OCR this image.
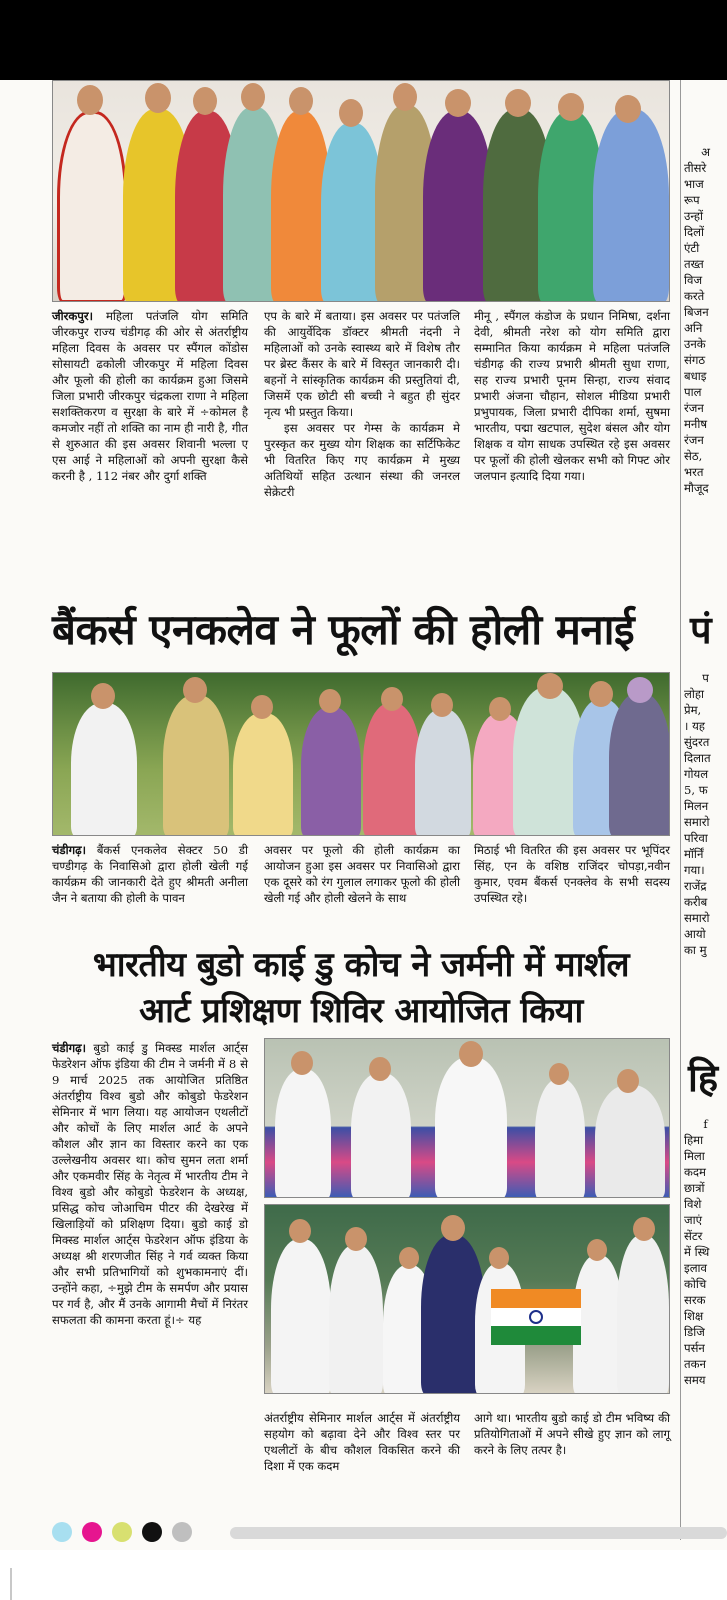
जीरकपुर। महिला पतंजलि योग समिति जीरकपुर राज्य चंडीगढ़ की ओर से अंतर्राष्ट्रीय महिला दिवस के अवसर पर स्पैंगल कोंडोस सोसायटी ढकोली जीरकपुर में महिला दिवस और फूलो की होली का कार्यक्रम हुआ जिसमे जिला प्रभारी जीरकपुर चंद्रकला राणा ने महिला सशक्तिकरण व सुरक्षा के बारे में ÷कोमल है कमजोर नहीं तो शक्ति का नाम ही नारी है, गीत से शुरुआत की इस अवसर शिवानी भल्ला ए एस आई ने महिलाओं को अपनी सुरक्षा कैसे करनी है , 112 नंबर और दुर्गा शक्ति
एप के बारे में बताया। इस अवसर पर पतंजलि की आयुर्वेदिक डॉक्टर श्रीमती नंदनी ने महिलाओं को उनके स्वास्थ्य बारे में विशेष तौर पर ब्रेस्ट कैंसर के बारे में विस्तृत जानकारी दी। बहनों ने सांस्कृतिक कार्यक्रम की प्रस्तुतियां दी, जिसमें एक छोटी सी बच्ची ने बहुत ही सुंदर नृत्य भी प्रस्तुत किया।
इस अवसर पर गेम्स के कार्यक्रम मे पुरस्कृत कर मुख्य योग शिक्षक का सर्टिफिकेट भी वितरित किए गए कार्यक्रम मे मुख्य अतिथियों सहित उत्थान संस्था की जनरल सेक्रेटरी
मीनू , स्पैंगल कंडोज के प्रधान निमिषा, दर्शना देवी, श्रीमती नरेश को योग समिति द्वारा सम्मानित किया कार्यक्रम मे महिला पतंजलि चंडीगढ़ की राज्य प्रभारी श्रीमती सुधा राणा, सह राज्य प्रभारी पूनम सिन्हा, राज्य संवाद प्रभारी अंजना चौहान, सोशल मीडिया प्रभारी प्रभुपायक, जिला प्रभारी दीपिका शर्मा, सुषमा भारतीय, पद्मा खटपाल, सुदेश बंसल और योग शिक्षक व योग साधक उपस्थित रहे इस अवसर पर फूलों की होली खेलकर सभी को गिफ्ट ओर जलपान इत्यादि दिया गया।
बैंकर्स एनकलेव ने फूलों की होली मनाई
चंडीगढ़। बैंकर्स एनकलेव सेक्टर 50 डी चण्डीगढ़ के निवासिओ द्वारा होली खेली गई कार्यक्रम की जानकारी देते हुए श्रीमती अनीला जैन ने बताया की होली के पावन
अवसर पर फूलो की होली कार्यक्रम का आयोजन हुआ इस अवसर पर निवासिओ द्वारा एक दूसरे को रंग गुलाल लगाकर फूलो की होली खेली गई और होली खेलने के साथ
मिठाई भी वितरित की इस अवसर पर भूपिंदर सिंह, एन के वशिष्ठ राजिंदर चोपड़ा,नवीन कुमार, एवम बैंकर्स एनक्लेव के सभी सदस्य उपस्थित रहे।
भारतीय बुडो काई डु कोच ने जर्मनी में मार्शल
आर्ट प्रशिक्षण शिविर आयोजित किया
चंडीगढ़। बुडो काई डु मिक्स्ड मार्शल आर्ट्स फेडरेशन ऑफ इंडिया की टीम ने जर्मनी में 8 से 9 मार्च 2025 तक आयोजित प्रतिष्ठित अंतर्राष्ट्रीय विश्व बुडो और कोबुडो फेडरेशन सेमिनार में भाग लिया। यह आयोजन एथलीटों और कोचों के लिए मार्शल आर्ट के अपने कौशल और ज्ञान का विस्तार करने का एक उल्लेखनीय अवसर था। कोच सुमन लता शर्मा और एकमवीर सिंह के नेतृत्व में भारतीय टीम ने विश्व बुडो और कोबुडो फेडरेशन के अध्यक्ष, प्रसिद्ध कोच जोआचिम पीटर की देखरेख में खिलाड़ियों को प्रशिक्षण दिया। बुडो काई डो मिक्स्ड मार्शल आर्ट्स फेडरेशन ऑफ इंडिया के अध्यक्ष श्री शरणजीत सिंह ने गर्व व्यक्त किया और सभी प्रतिभागियों को शुभकामनाएं दीं। उन्होंने कहा, ÷मुझे टीम के समर्पण और प्रयास पर गर्व है, और मैं उनके आगामी मैचों में निरंतर सफलता की कामना करता हूं।÷ यह
अंतर्राष्ट्रीय सेमिनार मार्शल आर्ट्स में अंतर्राष्ट्रीय सहयोग को बढ़ावा देने और विश्व स्तर पर एथलीटों के बीच कौशल विकसित करने की दिशा में एक कदम
आगे था। भारतीय बुडो काई डो टीम भविष्य की प्रतियोगिताओं में अपने सीखे हुए ज्ञान को लागू करने के लिए तत्पर है।
अ
तीसरे
भाज
रूप
उन्हों
दिलों
एंटी
तख्त
विज
करते
बिजन
अनि
उनके
संगठ
बधाइ
पाल
रंजन
मनीष
रंजन
सेठ,
भरत
मौजूद
पं
प
लोहा
प्रेम,
। यह
सुंदरत
दिलात
गोयल
5, फ
मिलन
समारो
परिवा
मॉर्निं
गया।
राजेंद्र
करीब
समारो
आयो
का मु
हि
f
हिमा
मिला
कदम
छात्रों
विशे
जाएं
सेंटर
में स्थि
इलाव
कोचि
सरक
शिक्ष
डिजि
पर्सन
तकन
समय
